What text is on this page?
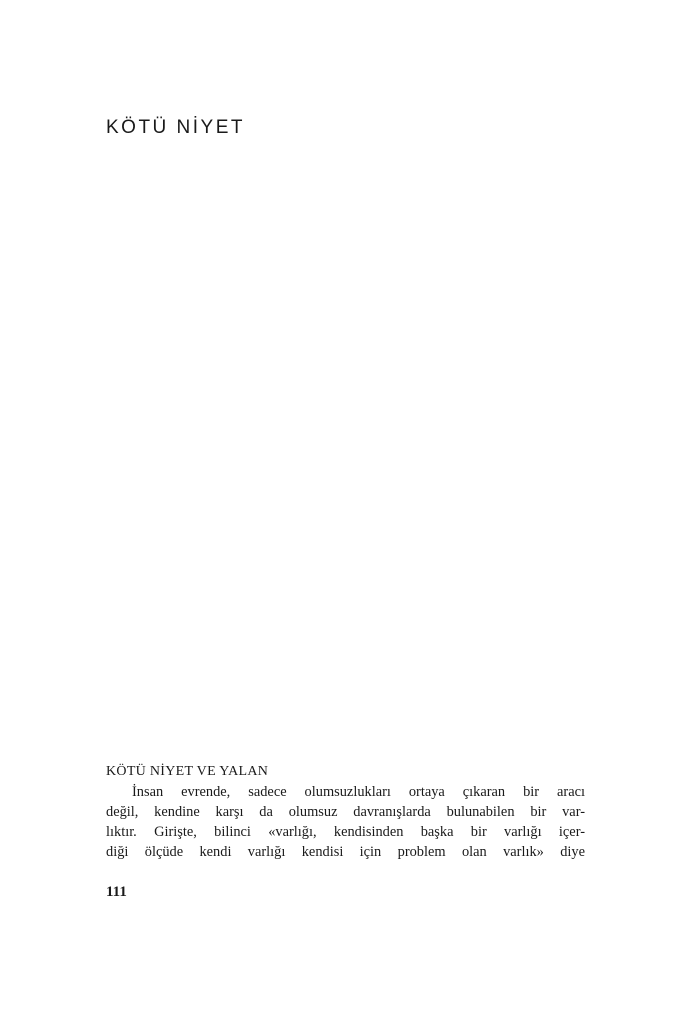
KÖTÜ NİYET
KÖTÜ NİYET VE YALAN
İnsan evrende, sadece olumsuzlukları ortaya çıkaran bir aracı
değil, kendine karşı da olumsuz davranışlarda bulunabilen bir var-
lıktır. Girişte, bilinci «varlığı, kendisinden başka bir varlığı içer-
diği ölçüde kendi varlığı kendisi için problem olan varlık» diye

111
